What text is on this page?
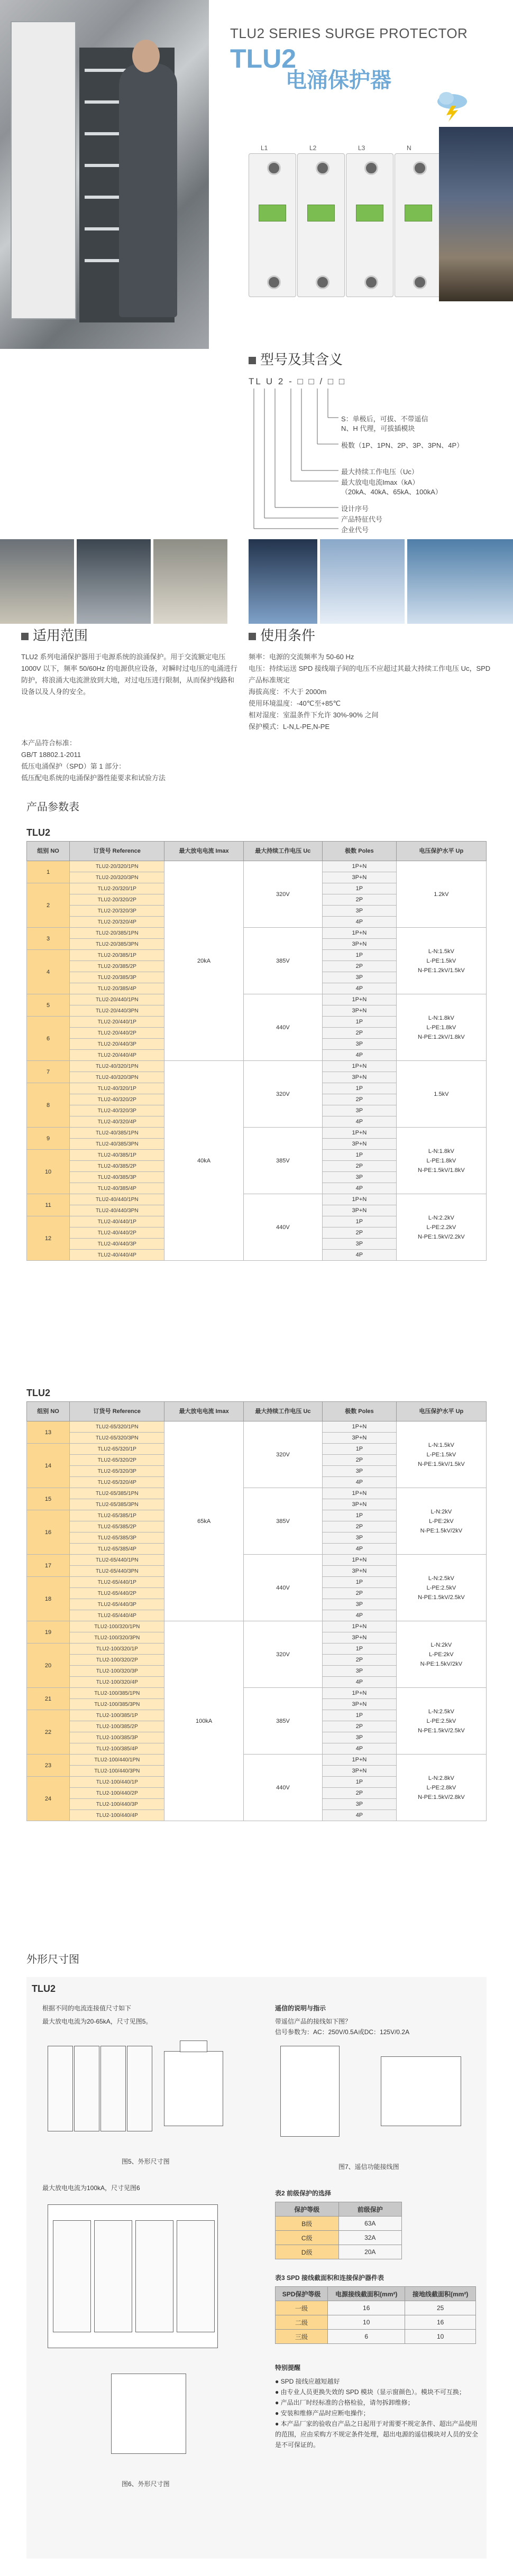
TLU2 SERIES SURGE PROTECTOR
TLU2
电涌保护器
L1	L2	L3	N
型号及其含义
TL U 2 - □ □ / □ □
S：单极后，可拔、不带遥信
N、H 代理，可拔插模块
极数（1P、1PN、2P、3P、3PN、4P）
最大持续工作电压（Uc）
最大放电电流Imax（kA）
（20kA、40kA、65kA、100kA）
设计序号
产品特征代号
企业代号
适用范围
TLU2 系列电涌保护器用于电源系统的浪涌保护。用于交流额定电压 1000V 以下，频率 50/60Hz 的电源供应设备，对瞬时过电压的电涌进行防护，将浪涌大电流泄放到大地，对过电压进行限制，从而保护线路和设备以及人身的安全。
本产品符合标准：
GB/T 18802.1-2011
低压电涌保护（SPD）第 1 部分：
低压配电系统的电涌保护器性能要求和试验方法
使用条件
频率：电源的交流频率为 50-60 Hz
电压：持续运送 SPD 接线端子间的电压不应超过其最大持续工作电压 Uc，SPD 产品标准规定
海拔高度：不大于 2000m
使用环境温度：-40℃至+85℃
相对湿度：室温条件下允许 30%-90% 之间
保护模式：L-N,L-PE,N-PE
产品参数表
TLU2
组别 NO	订货号 Reference	最大放电电流 Imax	最大持续工作电压 Uc	极数 Poles	电压保护水平 Up
1	TLU2-20/320/1PN	20kA	320V	1P+N	1.2kV
	TLU2-20/320/3PN			3P+N	
2	TLU2-20/320/1P			1P	
	TLU2-20/320/2P			2P	
	TLU2-20/320/3P			3P	
	TLU2-20/320/4P			4P	
3	TLU2-20/385/1PN		385V	1P+N	L-N:1.5kV
L-PE:1.5kV
N-PE:1.2kV/1.5kV
	TLU2-20/385/3PN			3P+N	
4	TLU2-20/385/1P			1P	
	TLU2-20/385/2P			2P	
	TLU2-20/385/3P			3P	
	TLU2-20/385/4P			4P	
5	TLU2-20/440/1PN		440V	1P+N	L-N:1.8kV
L-PE:1.8kV
N-PE:1.2kV/1.8kV
	TLU2-20/440/3PN			3P+N	
6	TLU2-20/440/1P			1P	
	TLU2-20/440/2P			2P	
	TLU2-20/440/3P			3P	
	TLU2-20/440/4P			4P	
7	TLU2-40/320/1PN	40kA	320V	1P+N	1.5kV
	TLU2-40/320/3PN			3P+N	
8	TLU2-40/320/1P			1P	
	TLU2-40/320/2P			2P	
	TLU2-40/320/3P			3P	
	TLU2-40/320/4P			4P	
9	TLU2-40/385/1PN		385V	1P+N	L-N:1.8kV
L-PE:1.8kV
N-PE:1.5kV/1.8kV
	TLU2-40/385/3PN			3P+N	
10	TLU2-40/385/1P			1P	
	TLU2-40/385/2P			2P	
	TLU2-40/385/3P			3P	
	TLU2-40/385/4P			4P	
11	TLU2-40/440/1PN		440V	1P+N	L-N:2.2kV
L-PE:2.2kV
N-PE:1.5kV/2.2kV
	TLU2-40/440/3PN			3P+N	
12	TLU2-40/440/1P			1P	
	TLU2-40/440/2P			2P	
	TLU2-40/440/3P			3P	
	TLU2-40/440/4P			4P	
TLU2
组别 NO	订货号 Reference	最大放电电流 Imax	最大持续工作电压 Uc	极数 Poles	电压保护水平 Up
13	TLU2-65/320/1PN	65kA	320V	1P+N	L-N:1.5kV
L-PE:1.5kV
N-PE:1.5kV/1.5kV
	TLU2-65/320/3PN			3P+N	
14	TLU2-65/320/1P			1P	
	TLU2-65/320/2P			2P	
	TLU2-65/320/3P			3P	
	TLU2-65/320/4P			4P	
15	TLU2-65/385/1PN		385V	1P+N	L-N:2kV
L-PE:2kV
N-PE:1.5kV/2kV
	TLU2-65/385/3PN			3P+N	
16	TLU2-65/385/1P			1P	
	TLU2-65/385/2P			2P	
	TLU2-65/385/3P			3P	
	TLU2-65/385/4P			4P	
17	TLU2-65/440/1PN		440V	1P+N	L-N:2.5kV
L-PE:2.5kV
N-PE:1.5kV/2.5kV
	TLU2-65/440/3PN			3P+N	
18	TLU2-65/440/1P			1P	
	TLU2-65/440/2P			2P	
	TLU2-65/440/3P			3P	
	TLU2-65/440/4P			4P	
19	TLU2-100/320/1PN	100kA	320V	1P+N	L-N:2kV
L-PE:2kV
N-PE:1.5kV/2kV
	TLU2-100/320/3PN			3P+N	
20	TLU2-100/320/1P			1P	
	TLU2-100/320/2P			2P	
	TLU2-100/320/3P			3P	
	TLU2-100/320/4P			4P	
21	TLU2-100/385/1PN		385V	1P+N	L-N:2.5kV
L-PE:2.5kV
N-PE:1.5kV/2.5kV
	TLU2-100/385/3PN			3P+N	
22	TLU2-100/385/1P			1P	
	TLU2-100/385/2P			2P	
	TLU2-100/385/3P			3P	
	TLU2-100/385/4P			4P	
23	TLU2-100/440/1PN		440V	1P+N	L-N:2.8kV
L-PE:2.8kV
N-PE:1.5kV/2.8kV
	TLU2-100/440/3PN			3P+N	
24	TLU2-100/440/1P			1P	
	TLU2-100/440/2P			2P	
	TLU2-100/440/3P			3P	
	TLU2-100/440/4P			4P	
外形尺寸图
TLU2
根据不同的电流连接值尺寸如下
最大放电电流为20-65kA，尺寸见图5。
图5、外形尺寸图
最大放电电流为100kA，尺寸见图6
图6、外形尺寸图
遥信的说明与指示
带遥信产品的接线如下图？
信号参数为：AC：250V/0.5A或DC：125V/0.2A
图7、遥信功能接线图
表2 前级保护的选择
保护等级	前级保护
B级	63A
C级	32A
D级	20A
表3 SPD 接线截面积和连接保护器件表
SPD保护等级	电源接线截面积(mm²)	接地线截面积(mm²)
一级	16	25
二级	10	16
三级	6	10
特别提醒
● SPD 接线应越短越好
● 由专业人员更换失效的 SPD 模块（显示窗颜色）。模块不可互换；
● 产品出厂时经标准的合格检验，请勿拆卸维修；
● 安装和维修产品时应断电操作；
● 本产品厂家的验收自产品之日起用于对需要不规定条件、超出产品使用的范围，应由采购方不规定条件处理，超出电源的遥信模块对人员的安全是不可保证的。
